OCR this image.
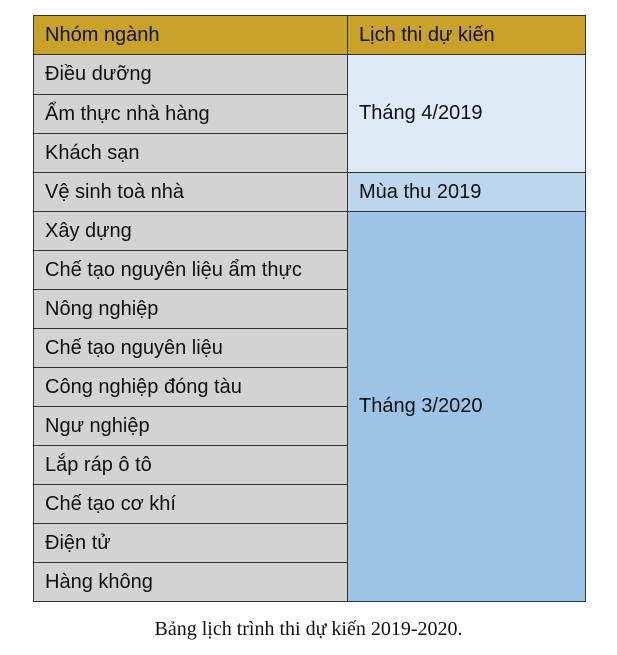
Nhóm ngành	Lịch thi dự kiến
Điều dưỡng	Tháng 4/2019
Ẩm thực nhà hàng	
Khách sạn	
Vệ sinh toà nhà	Mùa thu 2019
Xây dựng	Tháng 3/2020
Chế tạo nguyên liệu ẩm thực	
Nông nghiệp	
Chế tạo nguyên liệu	
Công nghiệp đóng tàu	
Ngư nghiệp	
Lắp ráp ô tô	
Chế tạo cơ khí	
Điện tử	
Hàng không	
Bảng lịch trình thi dự kiến 2019-2020.
